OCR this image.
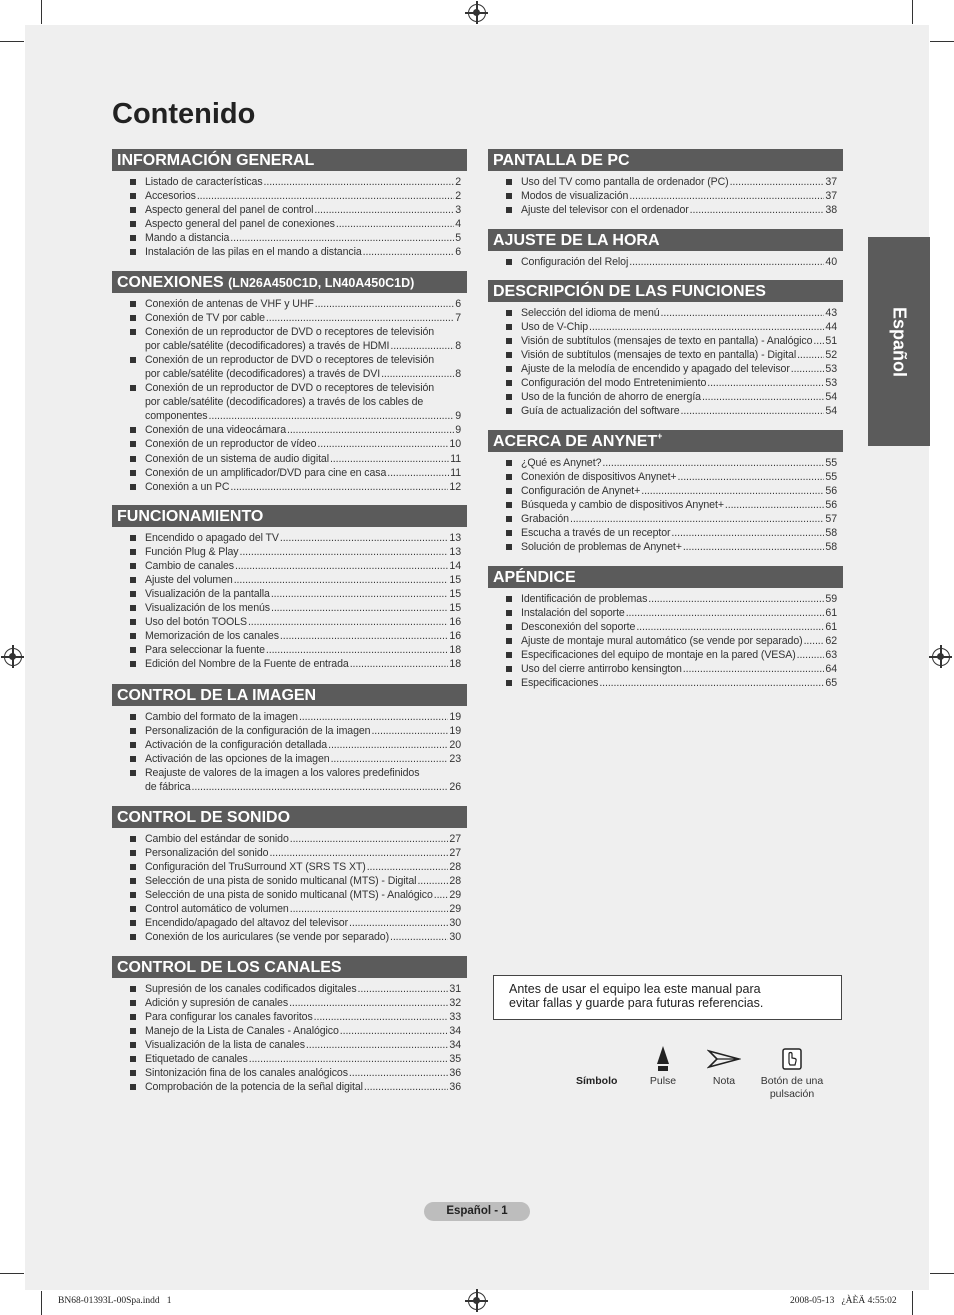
Contenido
Español
INFORMACIÓN GENERAL
Listado de características .....	2
Accesorios .....	2
Aspecto general del panel de control .....	3
Aspecto general del panel de conexiones .....	4
Mando a distancia .....	5
Instalación de las pilas en el mando a distancia .....	6
CONEXIONES (LN26A450C1D, LN40A450C1D)
Conexión de antenas de VHF y UHF .....	6
Conexión de TV por cable .....	7
Conexión de un reproductor de DVD o receptores de televisión
por cable/satélite (decodificadores) a través de HDMI .....	8
Conexión de un reproductor de DVD o receptores de televisión
por cable/satélite (decodificadores) a través de DVI .....	8
Conexión de un reproductor de DVD o receptores de televisión
por cable/satélite (decodificadores) a través de los cables de
componentes .....	9
Conexión de una videocámara .....	9
Conexión de un reproductor de vídeo .....	10
Conexión de un sistema de audio digital .....	11
Conexión de un amplificador/DVD para cine en casa .....	11
Conexión a un PC .....	12
FUNCIONAMIENTO
Encendido o apagado del TV .....	13
Función Plug & Play .....	13
Cambio de canales .....	14
Ajuste del volumen .....	15
Visualización de la pantalla .....	15
Visualización de los menús .....	15
Uso del botón TOOLS .....	16
Memorización de los canales .....	16
Para seleccionar la fuente .....	18
Edición del Nombre de la Fuente de entrada .....	18
CONTROL DE LA IMAGEN
Cambio del formato de la imagen .....	19
Personalización de la configuración de la imagen .....	19
Activación de la configuración detallada .....	20
Activación de las opciones de la imagen .....	23
Reajuste de valores de la imagen a los valores predefinidos
de fábrica .....	26
CONTROL DE SONIDO
Cambio del estándar de sonido .....	27
Personalización del sonido .....	27
Configuración del TruSurround XT (SRS TS XT) .....	28
Selección de una pista de sonido multicanal (MTS) - Digital .....	28
Selección de una pista de sonido multicanal (MTS) - Analógico ..... 29
Control automático de volumen .....	29
Encendido/apagado del altavoz del televisor .....	30
Conexión de los auriculares (se vende por separado) .....	30
CONTROL DE LOS CANALES
Supresión de los canales codificados digitales .....	31
Adición y supresión de canales .....	32
Para configurar los canales favoritos .....	33
Manejo de la Lista de Canales - Analógico .....	34
Visualización de la lista de canales .....	34
Etiquetado de canales .....	35
Sintonización fina de los canales analógicos .....	36
Comprobación de la potencia de la señal digital .....	36
PANTALLA DE PC
Uso del TV como pantalla de ordenador (PC) .....	37
Modos de visualización .....	37
Ajuste del televisor con el ordenador .....	38
AJUSTE DE LA HORA
Configuración del Reloj .....	40
DESCRIPCIÓN DE LAS FUNCIONES
Selección del idioma de menú .....	43
Uso de V-Chip .....	44
Visión de subtítulos (mensajes de texto en pantalla) - Analógico ..... 51
Visión de subtítulos (mensajes de texto en pantalla) - Digital .....	52
Ajuste de la melodía de encendido y apagado del televisor .....	53
Configuración del modo Entretenimiento .....	53
Uso de la función de ahorro de energía .....	54
Guía de actualización del software .....	54
ACERCA DE ANYNET+
¿Qué es Anynet? .....	55
Conexión de dispositivos Anynet+ .....	55
Configuración de Anynet+ .....	56
Búsqueda y cambio de dispositivos Anynet+ .....	56
Grabación .....	57
Escucha a través de un receptor .....	58
Solución de problemas de Anynet+ .....	58
APÉNDICE
Identificación de problemas .....	59
Instalación del soporte .....	61
Desconexión del soporte .....	61
Ajuste de montaje mural automático (se vende por separado) ..... 62
Especificaciones del equipo de montaje en la pared (VESA) .....	63
Uso del cierre antirrobo kensington .....	64
Especificaciones .....	65
Antes de usar el equipo lea este manual para
evitar fallas y guarde para futuras referencias.
Símbolo	Pulse	Nota	Botón de una
pulsación
Español - 1
BN68-01393L-00Spa.indd   1	2008-05-13   ¿ÀÈÄ 4:55:02
